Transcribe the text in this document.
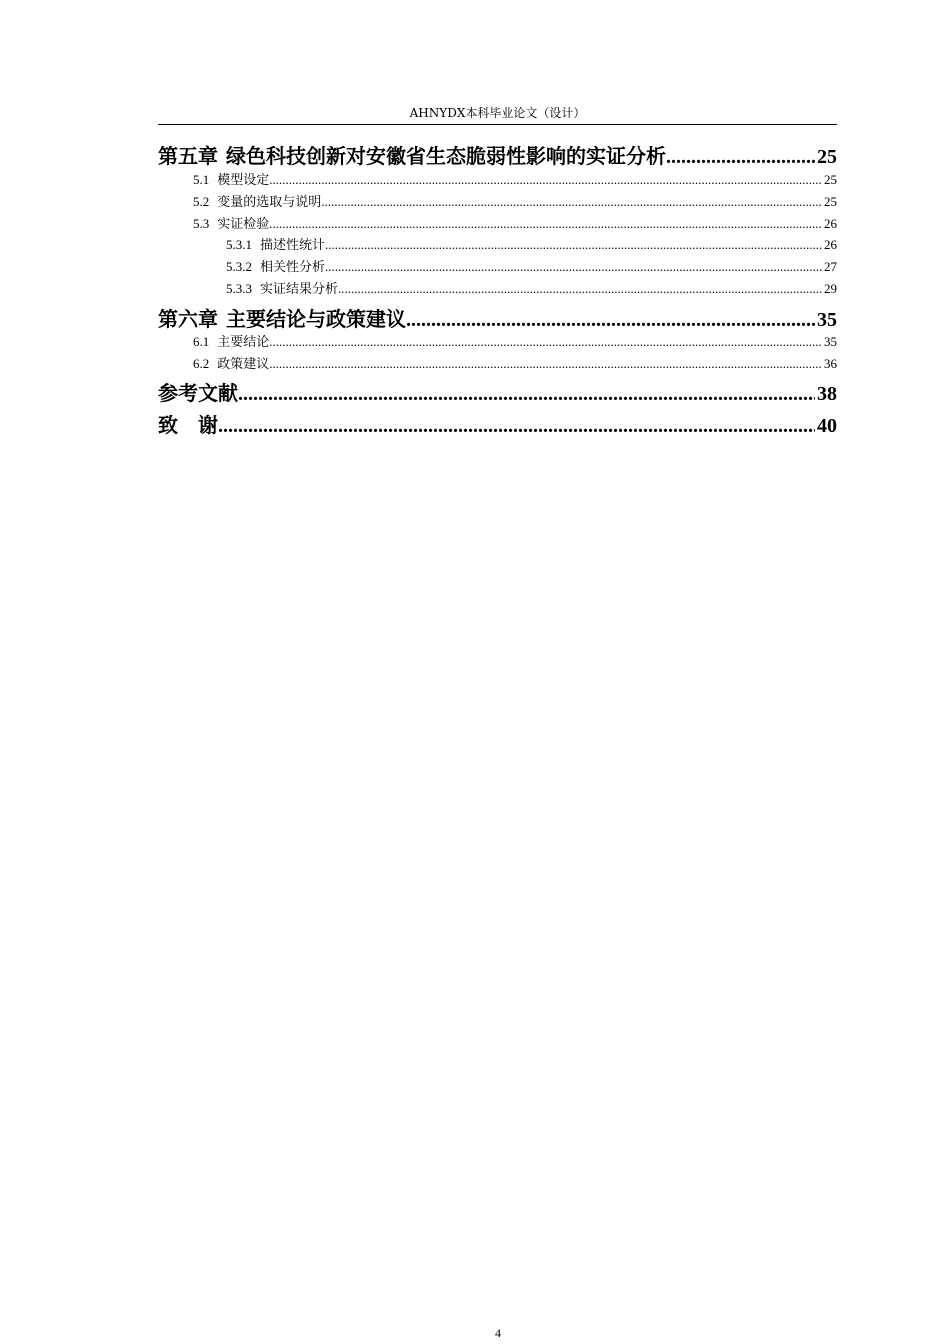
AHNYDX本科毕业论文（设计）
第五章 绿色科技创新对安徽省生态脆弱性影响的实证分析 .....	25
5.1 模型设定 .....	25
5.2 变量的选取与说明 .....	25
5.3 实证检验 .....	26
5.3.1 描述性统计 .....	26
5.3.2 相关性分析 .....	27
5.3.3 实证结果分析 .....	29
第六章 主要结论与政策建议 .....	35
6.1 主要结论 .....	35
6.2 政策建议 .....	36
参考文献 .....	38
致　谢 .....	40
4
